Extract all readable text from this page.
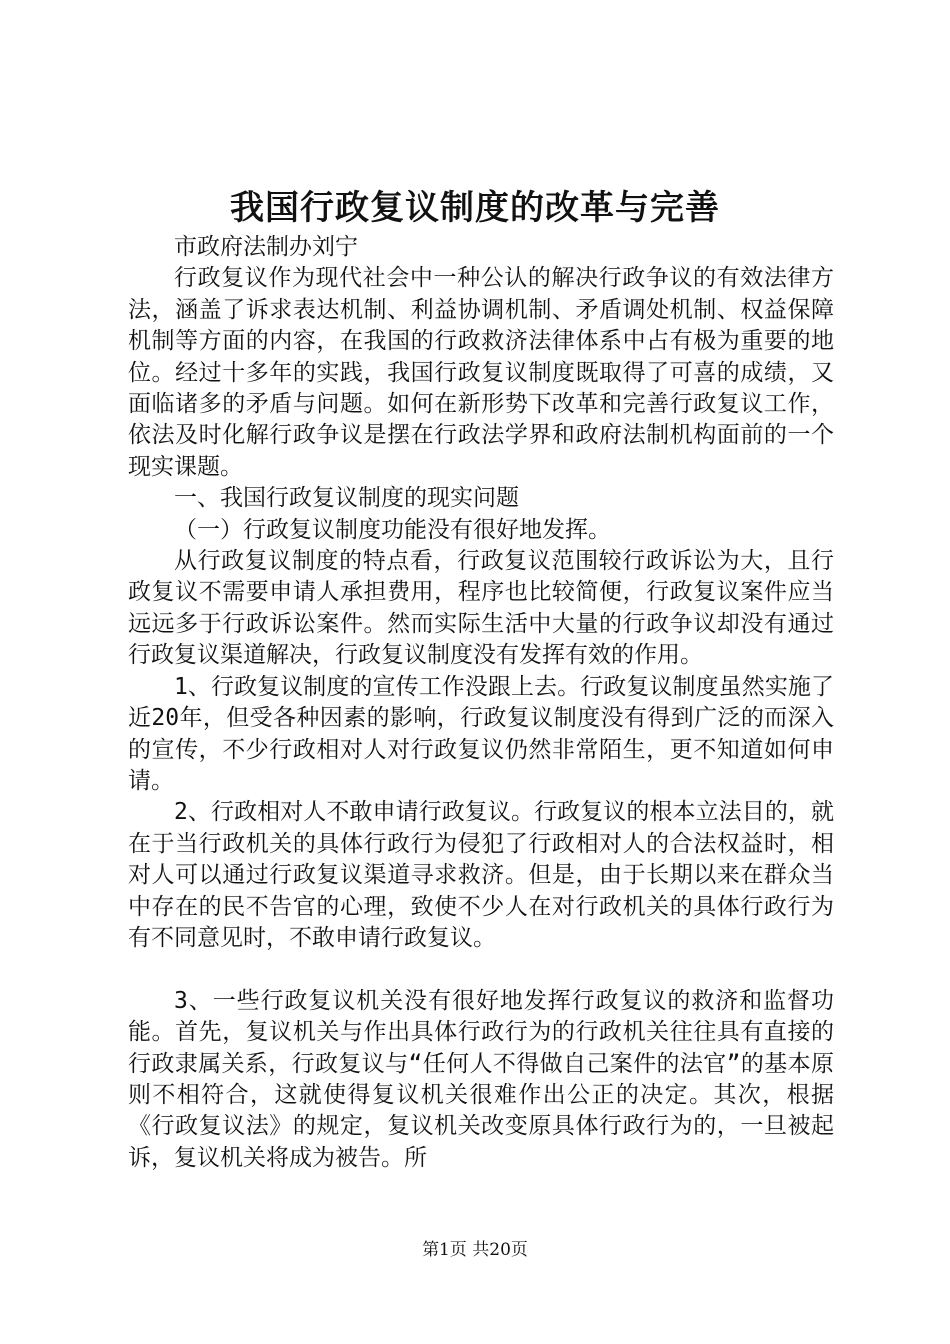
我国行政复议制度的改革与完善

市政府法制办刘宁

行政复议作为现代社会中一种公认的解决行政争议的有效法律方法，涵盖了诉求表达机制、利益协调机制、矛盾调处机制、权益保障机制等方面的内容，在我国的行政救济法律体系中占有极为重要的地位。经过十多年的实践，我国行政复议制度既取得了可喜的成绩，又面临诸多的矛盾与问题。如何在新形势下改革和完善行政复议工作，依法及时化解行政争议是摆在行政法学界和政府法制机构面前的一个现实课题。

一、我国行政复议制度的现实问题

（一）行政复议制度功能没有很好地发挥。

从行政复议制度的特点看，行政复议范围较行政诉讼为大，且行政复议不需要申请人承担费用，程序也比较简便，行政复议案件应当远远多于行政诉讼案件。然而实际生活中大量的行政争议却没有通过行政复议渠道解决，行政复议制度没有发挥有效的作用。

1、行政复议制度的宣传工作没跟上去。行政复议制度虽然实施了近20年，但受各种因素的影响，行政复议制度没有得到广泛的而深入的宣传，不少行政相对人对行政复议仍然非常陌生，更不知道如何申请。

2、行政相对人不敢申请行政复议。行政复议的根本立法目的，就在于当行政机关的具体行政行为侵犯了行政相对人的合法权益时，相对人可以通过行政复议渠道寻求救济。但是，由于长期以来在群众当中存在的民不告官的心理，致使不少人在对行政机关的具体行政行为有不同意见时，不敢申请行政复议。

3、一些行政复议机关没有很好地发挥行政复议的救济和监督功能。首先，复议机关与作出具体行政行为的行政机关往往具有直接的行政隶属关系，行政复议与“任何人不得做自己案件的法官”的基本原则不相符合，这就使得复议机关很难作出公正的决定。其次，根据《行政复议法》的规定，复议机关改变原具体行政行为的，一旦被起诉，复议机关将成为被告。所

第1页 共20页
